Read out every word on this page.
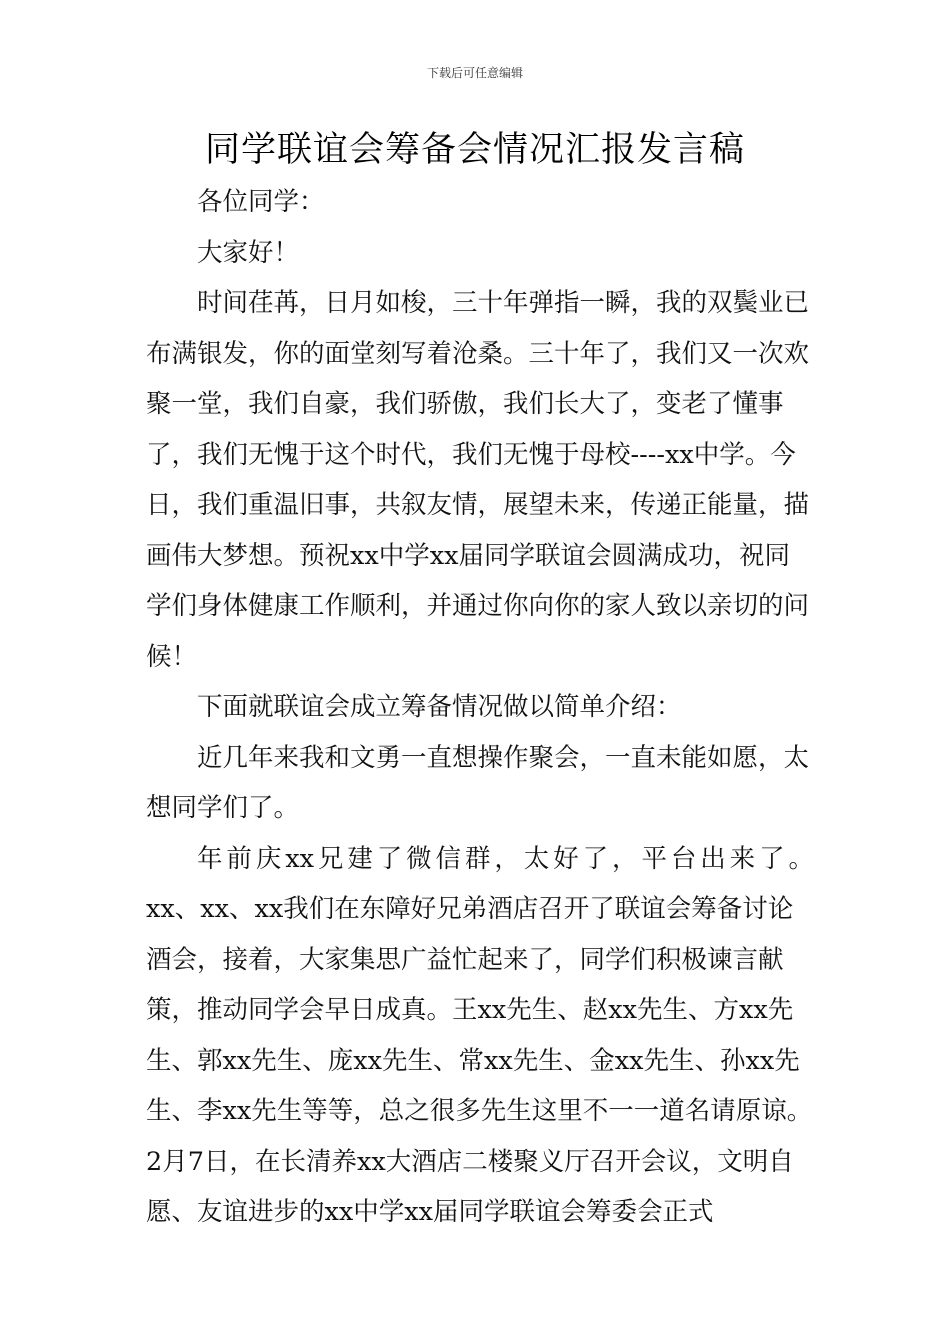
下载后可任意编辑
同学联谊会筹备会情况汇报发言稿

各位同学：

大家好！

时间荏苒，日月如梭，三十年弹指一瞬，我的双鬓业已布满银发，你的面堂刻写着沧桑。三十年了，我们又一次欢聚一堂，我们自豪，我们骄傲，我们长大了，变老了懂事了，我们无愧于这个时代，我们无愧于母校----xx中学。今日，我们重温旧事，共叙友情，展望未来，传递正能量，描画伟大梦想。预祝xx中学xx届同学联谊会圆满成功，祝同学们身体健康工作顺利，并通过你向你的家人致以亲切的问候！

下面就联谊会成立筹备情况做以简单介绍：

近几年来我和文勇一直想操作聚会，一直未能如愿，太想同学们了。

年前庆xx兄建了微信群，太好了，平台出来了。

xx、xx、xx我们在东障好兄弟酒店召开了联谊会筹备讨论酒会，接着，大家集思广益忙起来了，同学们积极谏言献策，推动同学会早日成真。王xx先生、赵xx先生、方xx先生、郭xx先生、庞xx先生、常xx先生、金xx先生、孙xx先生、李xx先生等等，总之很多先生这里不一一道名请原谅。2月7日，在长清养xx大酒店二楼聚义厅召开会议，文明自愿、友谊进步的xx中学xx届同学联谊会筹委会正式
